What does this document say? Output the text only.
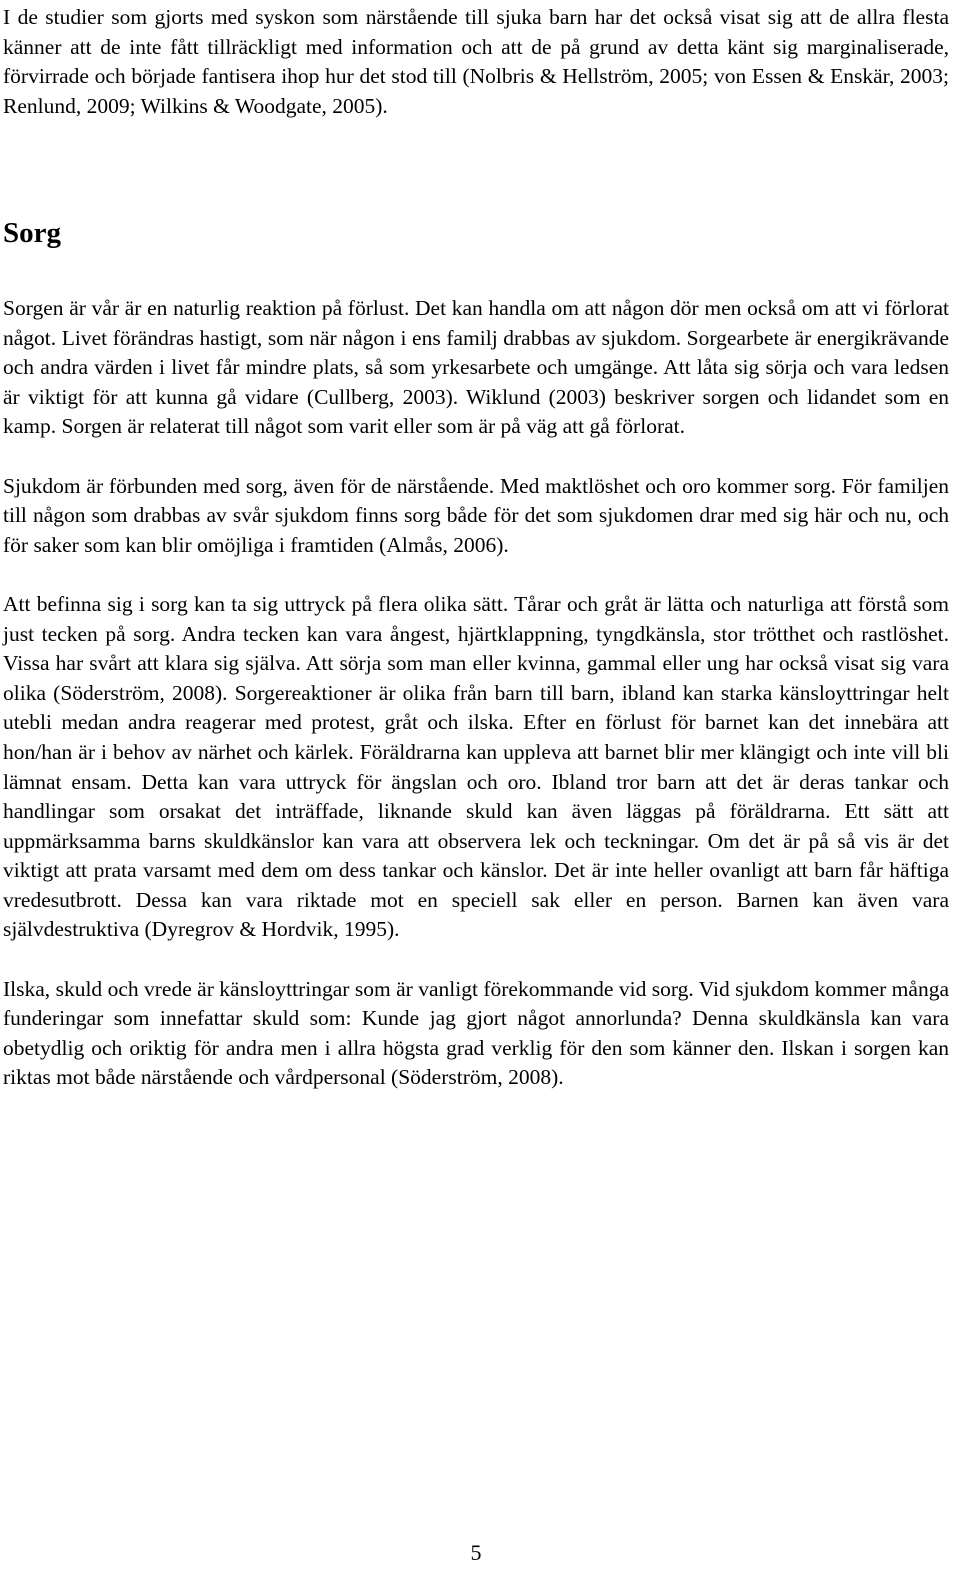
I de studier som gjorts med syskon som närstående till sjuka barn har det också visat sig att de allra flesta känner att de inte fått tillräckligt med information och att de på grund av detta känt sig marginaliserade, förvirrade och började fantisera ihop hur det stod till (Nolbris & Hellström, 2005; von Essen & Enskär, 2003; Renlund, 2009; Wilkins & Woodgate, 2005).

Sorg

Sorgen är vår är en naturlig reaktion på förlust. Det kan handla om att någon dör men också om att vi förlorat något. Livet förändras hastigt, som när någon i ens familj drabbas av sjukdom. Sorgearbete är energikrävande och andra värden i livet får mindre plats, så som yrkesarbete och umgänge. Att låta sig sörja och vara ledsen är viktigt för att kunna gå vidare (Cullberg, 2003). Wiklund (2003) beskriver sorgen och lidandet som en kamp. Sorgen är relaterat till något som varit eller som är på väg att gå förlorat.

Sjukdom är förbunden med sorg, även för de närstående. Med maktlöshet och oro kommer sorg. För familjen till någon som drabbas av svår sjukdom finns sorg både för det som sjukdomen drar med sig här och nu, och för saker som kan blir omöjliga i framtiden (Almås, 2006).

Att befinna sig i sorg kan ta sig uttryck på flera olika sätt. Tårar och gråt är lätta och naturliga att förstå som just tecken på sorg. Andra tecken kan vara ångest, hjärtklappning, tyngdkänsla, stor trötthet och rastlöshet. Vissa har svårt att klara sig själva. Att sörja som man eller kvinna, gammal eller ung har också visat sig vara olika (Söderström, 2008). Sorgereaktioner är olika från barn till barn, ibland kan starka känsloyttringar helt utebli medan andra reagerar med protest, gråt och ilska. Efter en förlust för barnet kan det innebära att hon/han är i behov av närhet och kärlek. Föräldrarna kan uppleva att barnet blir mer klängigt och inte vill bli lämnat ensam. Detta kan vara uttryck för ängslan och oro. Ibland tror barn att det är deras tankar och handlingar som orsakat det inträffade, liknande skuld kan även läggas på föräldrarna. Ett sätt att uppmärksamma barns skuldkänslor kan vara att observera lek och teckningar. Om det är på så vis är det viktigt att prata varsamt med dem om dess tankar och känslor. Det är inte heller ovanligt att barn får häftiga vredesutbrott. Dessa kan vara riktade mot en speciell sak eller en person. Barnen kan även vara självdestruktiva (Dyregrov & Hordvik, 1995).

Ilska, skuld och vrede är känsloyttringar som är vanligt förekommande vid sorg. Vid sjukdom kommer många funderingar som innefattar skuld som: Kunde jag gjort något annorlunda? Denna skuldkänsla kan vara obetydlig och oriktig för andra men i allra högsta grad verklig för den som känner den. Ilskan i sorgen kan riktas mot både närstående och vårdpersonal (Söderström, 2008).

5
